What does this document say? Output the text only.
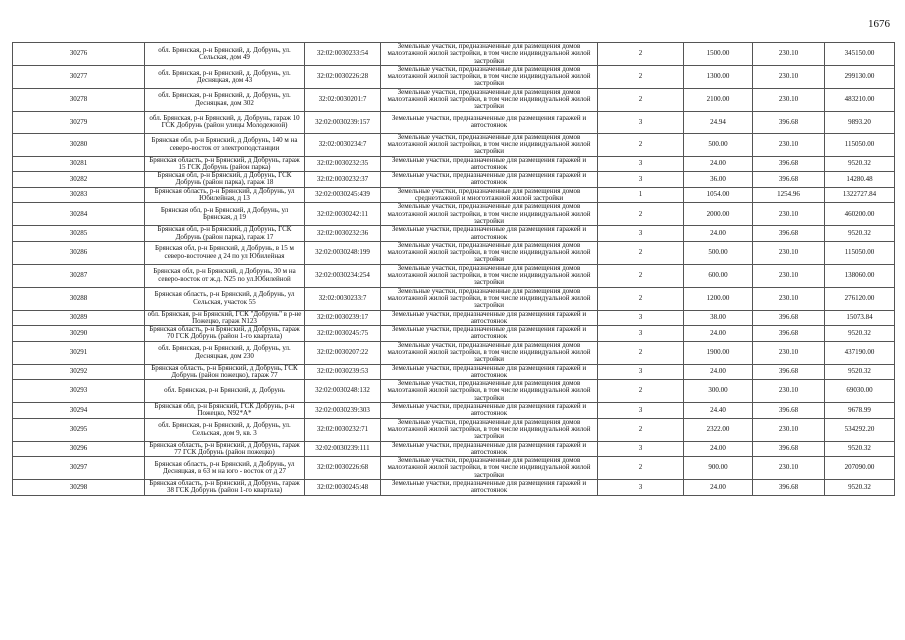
1676
30276	обл. Брянская, р-н Брянский, д. Добрунь, ул. Сельская, дом 49	32:02:0030233:54	Земельные участки, предназначенные для размещения домов малоэтажной жилой застройки, в том числе индивидуальной жилой застройки	2	1500.00	230.10	345150.00
30277	обл. Брянская, р-н Брянский, д. Добрунь, ул. Десняцкая, дом 43	32:02:0030226:28	Земельные участки, предназначенные для размещения домов малоэтажной жилой застройки, в том числе индивидуальной жилой застройки	2	1300.00	230.10	299130.00
30278	обл. Брянская, р-н Брянский, д. Добрунь, ул. Десняцкая, дом 302	32:02:0030201:7	Земельные участки, предназначенные для размещения домов малоэтажной жилой застройки, в том числе индивидуальной жилой застройки	2	2100.00	230.10	483210.00
30279	обл. Брянская, р-н Брянский, д. Добрунь, гараж 10 ГСК Добрунь (район улицы Молодежной)	32:02:0030239:157	Земельные участки, предназначенные для размещения гаражей и автостоянок	3	24.94	396.68	9893.20
30280	Брянская обл, р-н Брянский, д Добрунь, 140 м на северо-восток от электроподстанции	32:02:0030234:7	Земельные участки, предназначенные для размещения домов малоэтажной жилой застройки, в том числе индивидуальной жилой застройки	2	500.00	230.10	115050.00
30281	Брянская область, р-н Брянский, д Добрунь, гараж 15 ГСК Добрунь (район парка)	32:02:0030232:35	Земельные участки, предназначенные для размещения гаражей и автостоянок	3	24.00	396.68	9520.32
30282	Брянская обл, р-н Брянский, д Добрунь, ГСК Добрунь (район парка), гараж 18	32:02:0030232:37	Земельные участки, предназначенные для размещения гаражей и автостоянок	3	36.00	396.68	14280.48
30283	Брянская область, р-н Брянский, д Добрунь, ул Юбилейная, д 13	32:02:0030245:439	Земельные участки, предназначенные для размещения домов среднеэтажной и многоэтажной жилой застройки	1	1054.00	1254.96	1322727.84
30284	Брянская обл, р-н Брянский, д Добрунь, ул Брянская, д 19	32:02:0030242:11	Земельные участки, предназначенные для размещения домов малоэтажной жилой застройки, в том числе индивидуальной жилой застройки	2	2000.00	230.10	460200.00
30285	Брянская обл, р-н Брянский, д Добрунь, ГСК Добрунь (район парка), гараж 17	32:02:0030232:36	Земельные участки, предназначенные для размещения гаражей и автостоянок	3	24.00	396.68	9520.32
30286	Брянская обл, р-н Брянский, д Добрунь, в 15 м северо-восточнее д 24 по ул Юбилейная	32:02:0030248:199	Земельные участки, предназначенные для размещения домов малоэтажной жилой застройки, в том числе индивидуальной жилой застройки	2	500.00	230.10	115050.00
30287	Брянская обл, р-н Брянский, д Добрунь, 30 м на северо-восток от ж.д. N25 по ул.Юбилейной	32:02:0030234:254	Земельные участки, предназначенные для размещения домов малоэтажной жилой застройки, в том числе индивидуальной жилой застройки	2	600.00	230.10	138060.00
30288	Брянская область, р-н Брянский, д Добрунь, ул Сельская, участок 55	32:02:0030233:7	Земельные участки, предназначенные для размещения домов малоэтажной жилой застройки, в том числе индивидуальной жилой застройки	2	1200.00	230.10	276120.00
30289	обл. Брянская, р-н Брянский, ГСК "Добрунь" в р-не Пожецко, гараж N123	32:02:0030239:17	Земельные участки, предназначенные для размещения гаражей и автостоянок	3	38.00	396.68	15073.84
30290	Брянская область, р-н Брянский, д Добрунь, гараж 70 ГСК Добрунь (район 1-го квартала)	32:02:0030245:75	Земельные участки, предназначенные для размещения гаражей и автостоянок	3	24.00	396.68	9520.32
30291	обл. Брянская, р-н Брянский, д. Добрунь, ул. Десняцкая, дом 230	32:02:0030207:22	Земельные участки, предназначенные для размещения домов малоэтажной жилой застройки, в том числе индивидуальной жилой застройки	2	1900.00	230.10	437190.00
30292	Брянская область, р-н Брянский, д Добрунь, ГСК Добрунь (район пожецко), гараж 77	32:02:0030239:53	Земельные участки, предназначенные для размещения гаражей и автостоянок	3	24.00	396.68	9520.32
30293	обл. Брянская, р-н Брянский, д. Добрунь	32:02:0030248:132	Земельные участки, предназначенные для размещения домов малоэтажной жилой застройки, в том числе индивидуальной жилой застройки	2	300.00	230.10	69030.00
30294	Брянская обл, р-н Брянский, ГСК Добрунь, р-н Пожецко, N92*А*	32:02:0030239:303	Земельные участки, предназначенные для размещения гаражей и автостоянок	3	24.40	396.68	9678.99
30295	обл. Брянская, р-н Брянский, д. Добрунь, ул. Сельская, дом 9, кв. 3	32:02:0030232:71	Земельные участки, предназначенные для размещения домов малоэтажной жилой застройки, в том числе индивидуальной жилой застройки	2	2322.00	230.10	534292.20
30296	Брянская область, р-н Брянский, д Добрунь, гараж 77 ГСК Добрунь (район пожецко)	32:02:0030239:111	Земельные участки, предназначенные для размещения гаражей и автостоянок	3	24.00	396.68	9520.32
30297	Брянская область, р-н Брянский, д Добрунь, ул Десняцкая, в 63 м на юго - восток от д 27	32:02:0030226:68	Земельные участки, предназначенные для размещения домов малоэтажной жилой застройки, в том числе индивидуальной жилой застройки	2	900.00	230.10	207090.00
30298	Брянская область, р-н Брянский, д Добрунь, гараж 38 ГСК Добрунь (район 1-го квартала)	32:02:0030245:48	Земельные участки, предназначенные для размещения гаражей и автостоянок	3	24.00	396.68	9520.32
